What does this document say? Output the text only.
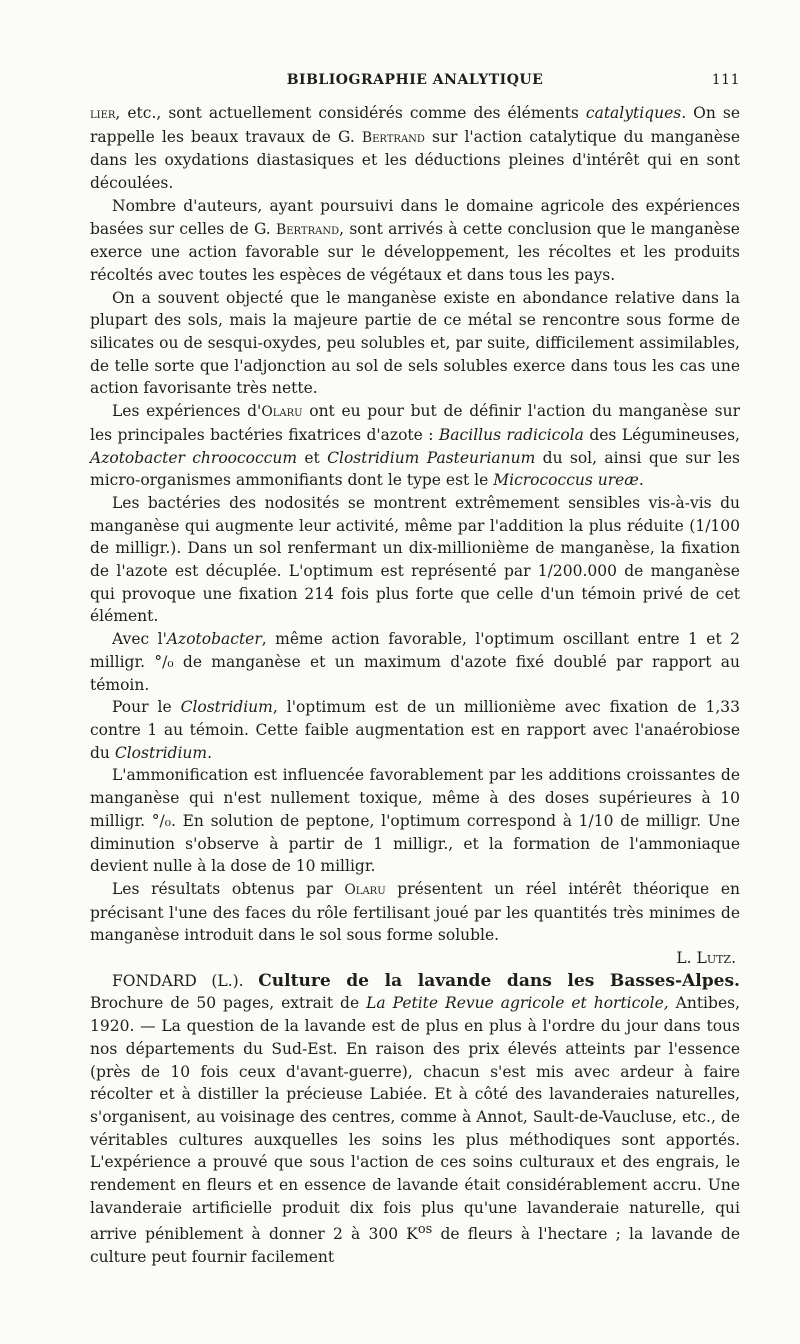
BIBLIOGRAPHIE ANALYTIQUE	111

lier, etc., sont actuellement considérés comme des éléments catalytiques. On se rappelle les beaux travaux de G. Bertrand sur l'action catalytique du manganèse dans les oxydations diastasiques et les déductions pleines d'intérêt qui en sont découlées.

Nombre d'auteurs, ayant poursuivi dans le domaine agricole des expériences basées sur celles de G. Bertrand, sont arrivés à cette conclusion que le manganèse exerce une action favorable sur le développement, les récoltes et les produits récoltés avec toutes les espèces de végétaux et dans tous les pays.

On a souvent objecté que le manganèse existe en abondance relative dans la plupart des sols, mais la majeure partie de ce métal se rencontre sous forme de silicates ou de sesqui-oxydes, peu solubles et, par suite, difficilement assimilables, de telle sorte que l'adjonction au sol de sels solubles exerce dans tous les cas une action favorisante très nette.

Les expériences d'Olaru ont eu pour but de définir l'action du manganèse sur les principales bactéries fixatrices d'azote : Bacillus radicicola des Légumineuses, Azotobacter chroococcum et Clostridium Pasteurianum du sol, ainsi que sur les micro-organismes ammonifiants dont le type est le Micrococcus ureæ.

Les bactéries des nodosités se montrent extrêmement sensibles vis-à-vis du manganèse qui augmente leur activité, même par l'addition la plus réduite (1/100 de milligr.). Dans un sol renfermant un dix-millionième de manganèse, la fixation de l'azote est décuplée. L'optimum est représenté par 1/200.000 de manganèse qui provoque une fixation 214 fois plus forte que celle d'un témoin privé de cet élément.

Avec l'Azotobacter, même action favorable, l'optimum oscillant entre 1 et 2 milligr. °/₀ de manganèse et un maximum d'azote fixé doublé par rapport au témoin.

Pour le Clostridium, l'optimum est de un millionième avec fixation de 1,33 contre 1 au témoin. Cette faible augmentation est en rapport avec l'anaérobiose du Clostridium.

L'ammonification est influencée favorablement par les additions croissantes de manganèse qui n'est nullement toxique, même à des doses supérieures à 10 milligr. °/₀. En solution de peptone, l'optimum correspond à 1/10 de milligr. Une diminution s'observe à partir de 1 milligr., et la formation de l'ammoniaque devient nulle à la dose de 10 milligr.

Les résultats obtenus par Olaru présentent un réel intérêt théorique en précisant l'une des faces du rôle fertilisant joué par les quantités très minimes de manganèse introduit dans le sol sous forme soluble.

L. Lutz.

FONDARD (L.). Culture de la lavande dans les Basses-Alpes. Brochure de 50 pages, extrait de La Petite Revue agricole et horticole, Antibes, 1920. — La question de la lavande est de plus en plus à l'ordre du jour dans tous nos départements du Sud-Est. En raison des prix élevés atteints par l'essence (près de 10 fois ceux d'avant-guerre), chacun s'est mis avec ardeur à faire récolter et à distiller la précieuse Labiée. Et à côté des lavanderaies naturelles, s'organisent, au voisinage des centres, comme à Annot, Sault-de-Vaucluse, etc., de véritables cultures auxquelles les soins les plus méthodiques sont apportés. L'expérience a prouvé que sous l'action de ces soins culturaux et des engrais, le rendement en fleurs et en essence de lavande était considérablement accru. Une lavanderaie artificielle produit dix fois plus qu'une lavanderaie naturelle, qui arrive péniblement à donner 2 à 300 $K^{os}$ de fleurs à l'hectare ; la lavande de culture peut fournir facilement
